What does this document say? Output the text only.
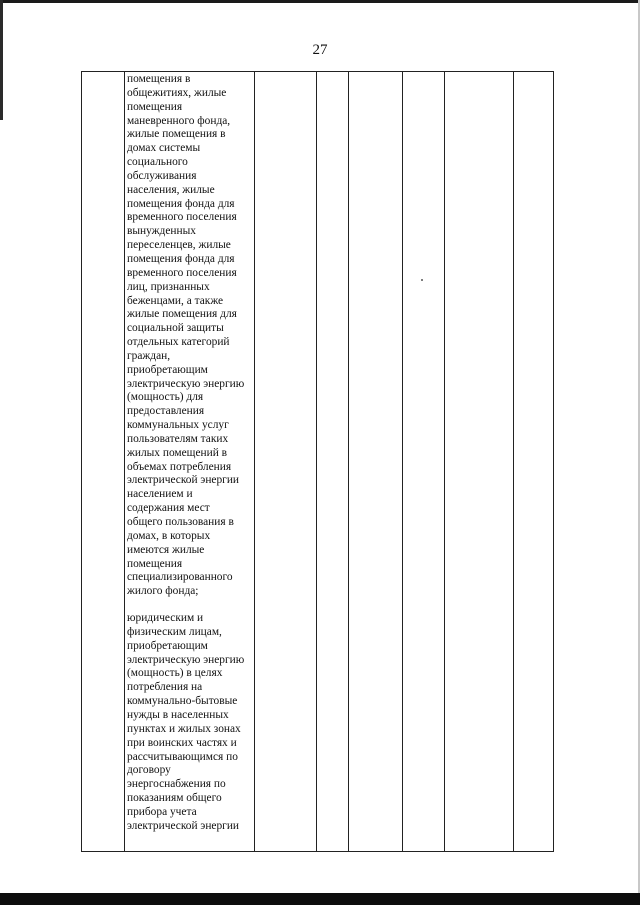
27
помещения в
общежитиях, жилые
помещения
маневренного фонда,
жилые помещения в
домах системы
социального
обслуживания
населения, жилые
помещения фонда для
временного поселения
вынужденных
переселенцев, жилые
помещения фонда для
временного поселения
лиц, признанных
беженцами, а также
жилые помещения для
социальной защиты
отдельных категорий
граждан,
приобретающим
электрическую энергию
(мощность) для
предоставления
коммунальных услуг
пользователям таких
жилых помещений в
объемах потребления
электрической энергии
населением и
содержания мест
общего пользования в
домах, в которых
имеются жилые
помещения
специализированного
жилого фонда;
юридическим и
физическим лицам,
приобретающим
электрическую энергию
(мощность) в целях
потребления на
коммунально-бытовые
нужды в населенных
пунктах и жилых зонах
при воинских частях и
рассчитывающимся по
договору
энергоснабжения по
показаниям общего
прибора учета
электрической энергии
